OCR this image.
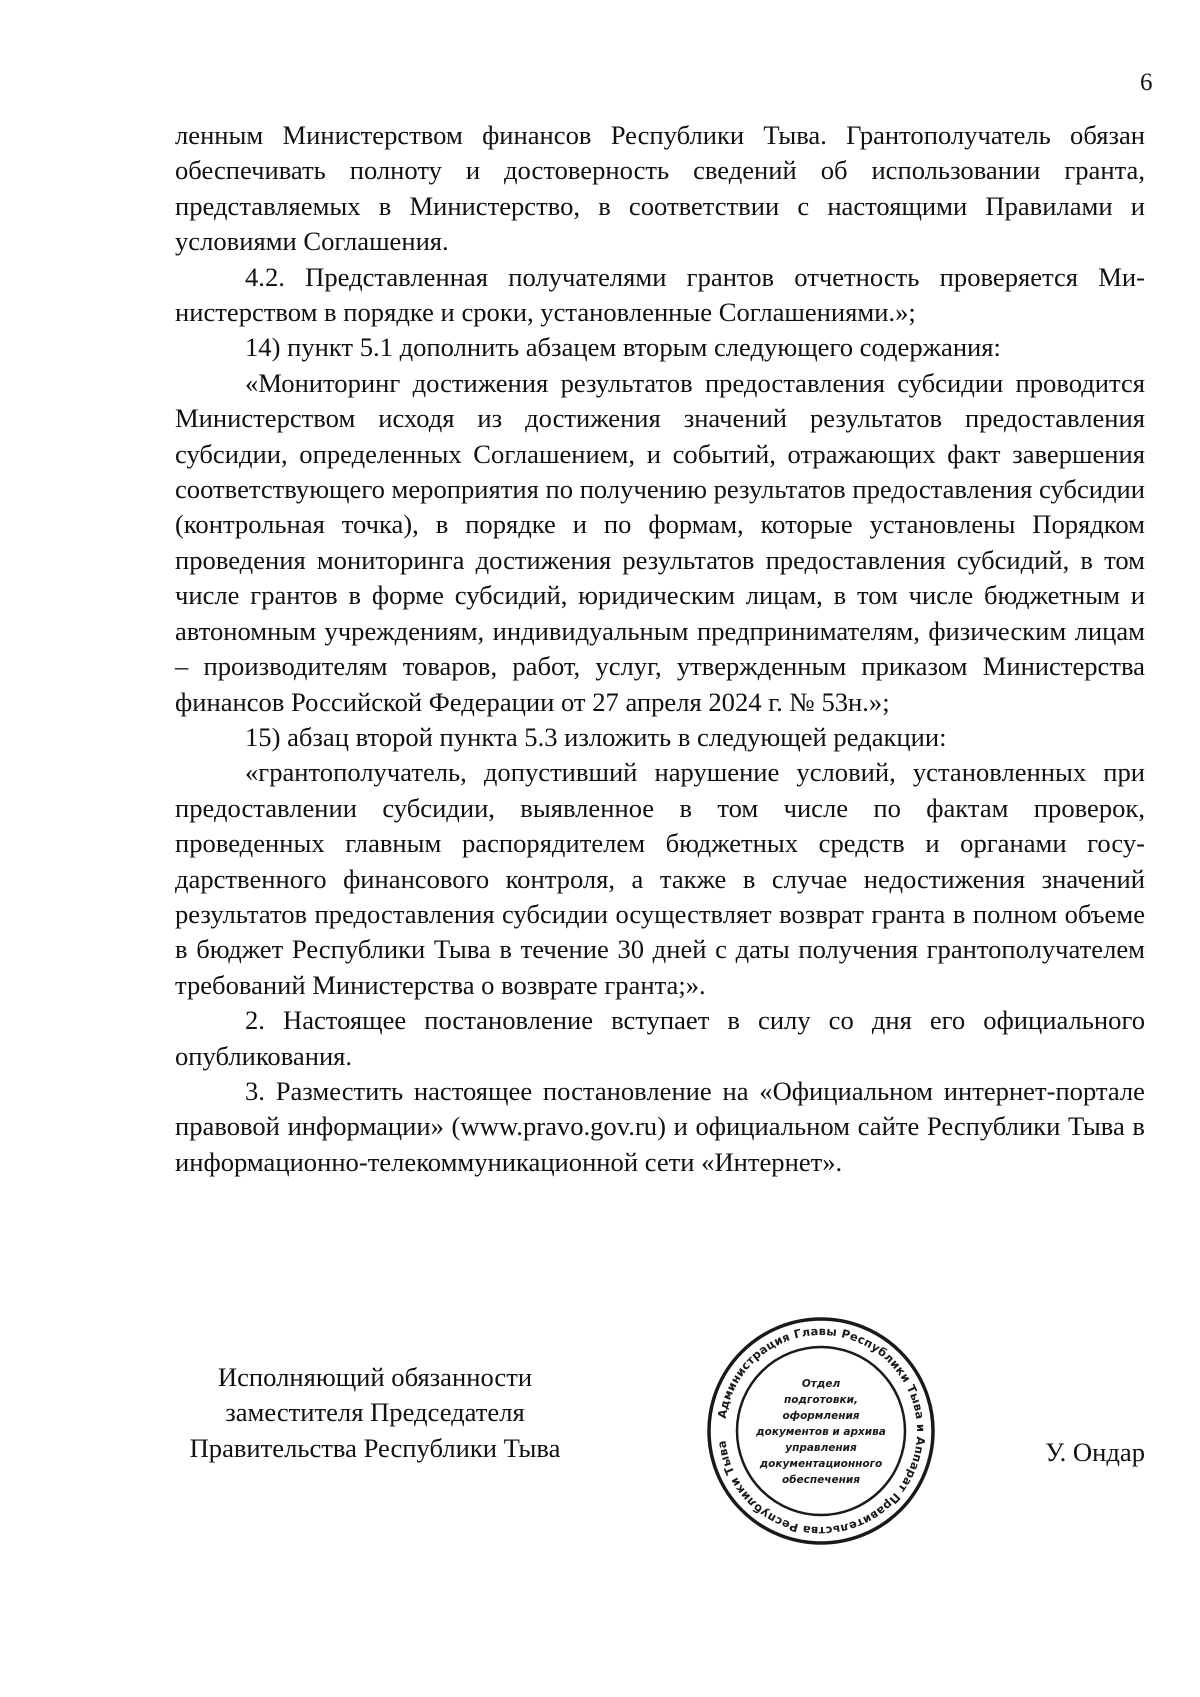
6

ленным Министерством финансов Республики Тыва. Грантополучатель обязан обеспечивать полноту и достоверность сведений об использовании гранта, представляемых в Министерство, в соответствии с настоящими Правилами и условиями Соглашения.

4.2. Представленная получателями грантов отчетность проверяется Министерством в порядке и сроки, установленные Соглашениями.»;

14) пункт 5.1 дополнить абзацем вторым следующего содержания:

«Мониторинг достижения результатов предоставления субсидии проводится Министерством исходя из достижения значений результатов предоставления субсидии, определенных Соглашением, и событий, отражающих факт завершения соответствующего мероприятия по получению результатов предоставления субсидии (контрольная точка), в порядке и по формам, которые установлены Порядком проведения мониторинга достижения результатов предоставления субсидий, в том числе грантов в форме субсидий, юридическим лицам, в том числе бюджетным и автономным учреждениям, индивидуальным предпринимателям, физическим лицам – производителям товаров, работ, услуг, утвержденным приказом Министерства финансов Российской Федерации от 27 апреля 2024 г. № 53н.»;

15) абзац второй пункта 5.3 изложить в следующей редакции:

«грантополучатель, допустивший нарушение условий, установленных при предоставлении субсидии, выявленное в том числе по фактам проверок, проведенных главным распорядителем бюджетных средств и органами государственного финансового контроля, а также в случае недостижения значений результатов предоставления субсидии осуществляет возврат гранта в полном объеме в бюджет Республики Тыва в течение 30 дней с даты получения грантополучателем требований Министерства о возврате гранта;».

2. Настоящее постановление вступает в силу со дня его официального опубликования.

3. Разместить настоящее постановление на «Официальном интернет-портале правовой информации» (www.pravo.gov.ru) и официальном сайте Республики Тыва в информационно-телекоммуникационной сети «Интернет».

Исполняющий обязанности
заместителя Председателя
Правительства Республики Тыва
Администрация Главы Республики Тыва и Аппарат Правительства Республики Тыва
Отдел
подготовки,
оформления
документов и архива
управления
документационного
обеспечения
У. Ондар
